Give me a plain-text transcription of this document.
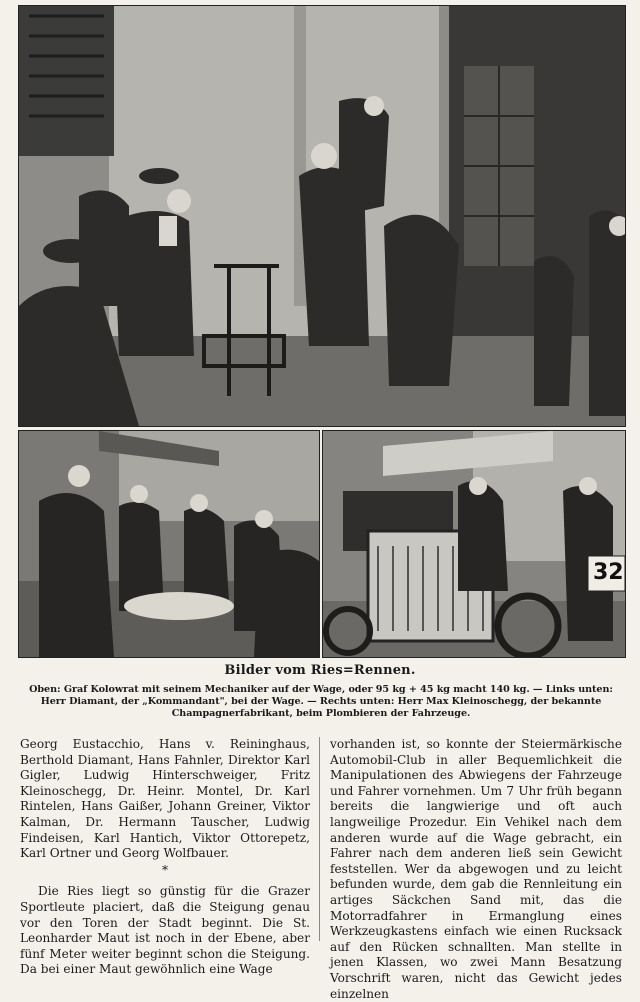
32
Bilder vom Ries=Rennen.
Oben: Graf Kolowrat mit seinem Mechaniker auf der Wage, oder 95 kg + 45 kg macht 140 kg. — Links unten: Herr Diamant, der „Kommandant", bei der Wage. — Rechts unten: Herr Max Kleinoschegg, der bekannte Champagnerfabrikant, beim Plombieren der Fahrzeuge.

Georg Eustacchio, Hans v. Reininghaus, Berthold Diamant, Hans Fahnler, Direktor Karl Gigler, Ludwig Hinterschweiger, Fritz Kleinoschegg, Dr. Heinr. Montel, Dr. Karl Rintelen, Hans Gaißer, Johann Greiner, Viktor Kalman, Dr. Hermann Tauscher, Ludwig Findeisen, Karl Hantich, Viktor Ottorepetz, Karl Ortner und Georg Wolfbauer.

*

Die Ries liegt so günstig für die Grazer Sportleute placiert, daß die Steigung genau vor den Toren der Stadt beginnt. Die St. Leonharder Maut ist noch in der Ebene, aber fünf Meter weiter beginnt schon die Steigung. Da bei einer Maut gewöhnlich eine Wage

vorhanden ist, so konnte der Steiermärkische Automobil-Club in aller Bequemlichkeit die Manipulationen des Abwiegens der Fahrzeuge und Fahrer vornehmen. Um 7 Uhr früh begann bereits die langwierige und oft auch langweilige Prozedur. Ein Vehikel nach dem anderen wurde auf die Wage gebracht, ein Fahrer nach dem anderen ließ sein Gewicht feststellen. Wer da abgewogen und zu leicht befunden wurde, dem gab die Rennleitung ein artiges Säckchen Sand mit, das die Motorradfahrer in Ermanglung eines Werkzeugkastens einfach wie einen Rucksack auf den Rücken schnallten. Man stellte in jenen Klassen, wo zwei Mann Besatzung Vorschrift waren, nicht das Gewicht jedes einzelnen
